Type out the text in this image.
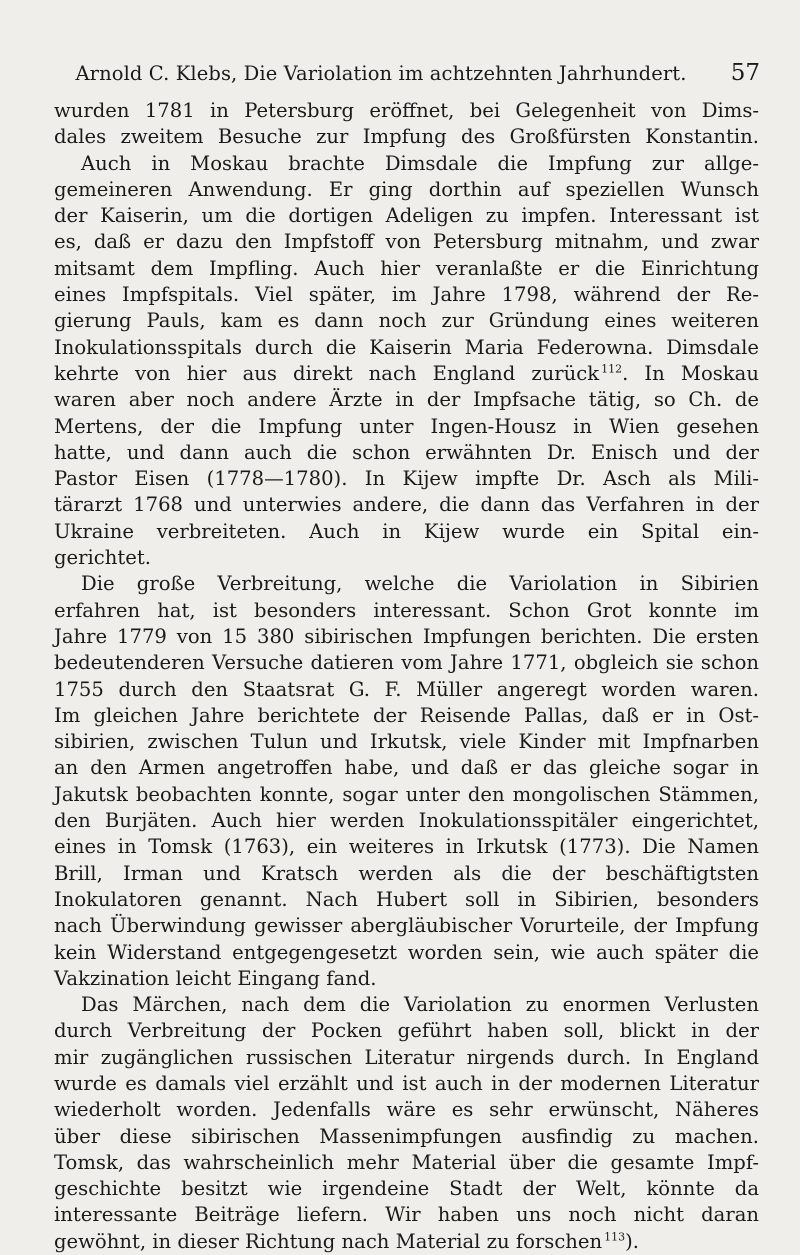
Arnold C. Klebs, Die Variolation im achtzehnten Jahrhundert.	57
wurden 1781 in Petersburg eröffnet, bei Gelegenheit von Dims-
dales zweitem Besuche zur Impfung des Großfürsten Konstantin.
Auch in Moskau brachte Dimsdale die Impfung zur allge-
gemeineren Anwendung. Er ging dorthin auf speziellen Wunsch
der Kaiserin, um die dortigen Adeligen zu impfen. Interessant ist
es, daß er dazu den Impfstoff von Petersburg mitnahm, und zwar
mitsamt dem Impfling. Auch hier veranlaßte er die Einrichtung
eines Impfspitals. Viel später, im Jahre 1798, während der Re-
gierung Pauls, kam es dann noch zur Gründung eines weiteren
Inokulationsspitals durch die Kaiserin Maria Federowna. Dimsdale
kehrte von hier aus direkt nach England zurück  $^{112}$. In Moskau
waren aber noch andere Ärzte in der Impfsache tätig, so Ch. de
Mertens, der die Impfung unter Ingen-Housz in Wien gesehen
hatte, und dann auch die schon erwähnten Dr. Enisch und der
Pastor Eisen (1778—1780). In Kijew impfte Dr. Asch als Mili-
tärarzt 1768 und unterwies andere, die dann das Verfahren in der
Ukraine verbreiteten. Auch in Kijew wurde ein Spital ein-
gerichtet.
Die große Verbreitung, welche die Variolation in Sibirien
erfahren hat, ist besonders interessant. Schon Grot konnte im
Jahre 1779 von 15 380 sibirischen Impfungen berichten. Die ersten
bedeutenderen Versuche datieren vom Jahre 1771, obgleich sie schon
1755 durch den Staatsrat G. F. Müller angeregt worden waren.
Im gleichen Jahre berichtete der Reisende Pallas, daß er in Ost-
sibirien, zwischen Tulun und Irkutsk, viele Kinder mit Impfnarben
an den Armen angetroffen habe, und daß er das gleiche sogar in
Jakutsk beobachten konnte, sogar unter den mongolischen Stämmen,
den Burjäten. Auch hier werden Inokulationsspitäler eingerichtet,
eines in Tomsk (1763), ein weiteres in Irkutsk (1773). Die Namen
Brill, Irman und Kratsch werden als die der beschäftigtsten
Inokulatoren genannt. Nach Hubert soll in Sibirien, besonders
nach Überwindung gewisser abergläubischer Vorurteile, der Impfung
kein Widerstand entgegengesetzt worden sein, wie auch später die
Vakzination leicht Eingang fand.
Das Märchen, nach dem die Variolation zu enormen Verlusten
durch Verbreitung der Pocken geführt haben soll, blickt in der
mir zugänglichen russischen Literatur nirgends durch. In England
wurde es damals viel erzählt und ist auch in der modernen Literatur
wiederholt worden. Jedenfalls wäre es sehr erwünscht, Näheres
über diese sibirischen Massenimpfungen ausfindig zu machen.
Tomsk, das wahrscheinlich mehr Material über die gesamte Impf-
geschichte besitzt wie irgendeine Stadt der Welt, könnte da
interessante Beiträge liefern. Wir haben uns noch nicht daran
gewöhnt, in dieser Richtung nach Material zu forschen  $^{113}$).
